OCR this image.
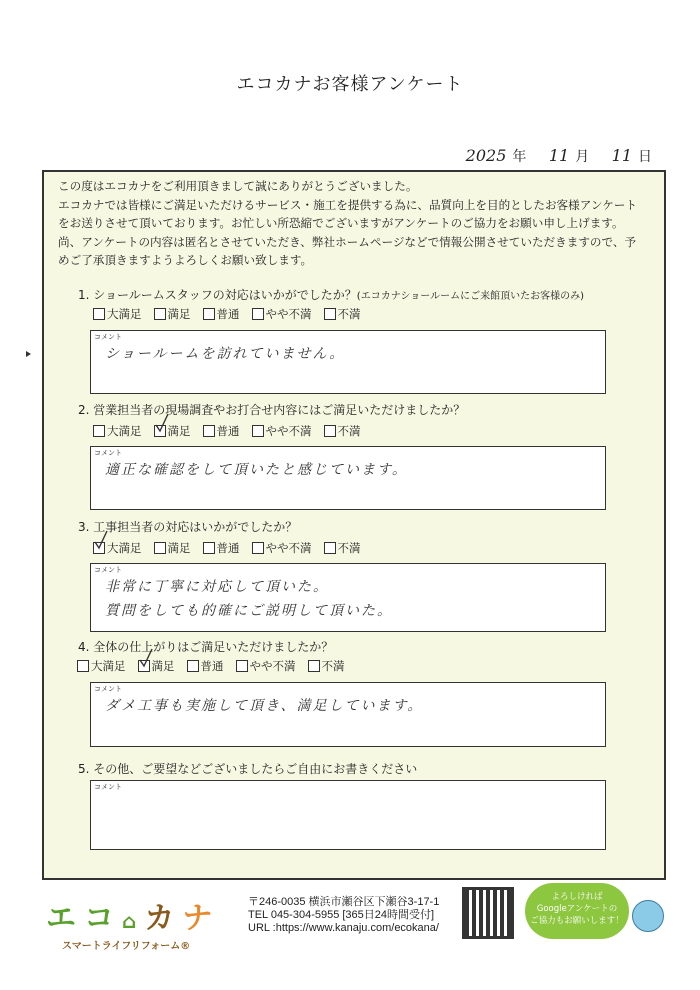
エコカナお客様アンケート
2025 年 11 月 11 日
この度はエコカナをご利用頂きまして誠にありがとうございました。
エコカナでは皆様にご満足いただけるサービス・施工を提供する為に、品質向上を目的としたお客様アンケート
をお送りさせて頂いております。お忙しい所恐縮でございますがアンケートのご協力をお願い申し上げます。
尚、アンケートの内容は匿名とさせていただき、弊社ホームページなどで情報公開させていただきますので、予
めご了承頂きますようよろしくお願い致します。
1. ショールームスタッフの対応はいかがでしたか？(エコカナショールームにご来館頂いたお客様のみ)
大満足 満足 普通 やや不満 不満
コメント
ショールームを訪れていません。
2. 営業担当者の現場調査やお打合せ内容にはご満足いただけましたか？
大満足 満足 普通 やや不満 不満
コメント
適正な確認をして頂いたと感じています。
3. 工事担当者の対応はいかがでしたか？
大満足 満足 普通 やや不満 不満
コメント
非常に丁寧に対応して頂いた。
質問をしても的確にご説明して頂いた。
4. 全体の仕上がりはご満足いただけましたか？
大満足 満足 普通 やや不満 不満
コメント
ダメ工事も実施して頂き、満足しています。
5. その他、ご要望などございましたらご自由にお書きください
コメント
エコ⌂カナ
スマートライフリフォーム®
〒246-0035 横浜市瀬谷区下瀬谷3-17-1
TEL 045-304-5955 [365日24時間受付]
URL :https://www.kanaju.com/ecokana/
よろしければ
Googleアンケートの
ご協力もお願いします！
